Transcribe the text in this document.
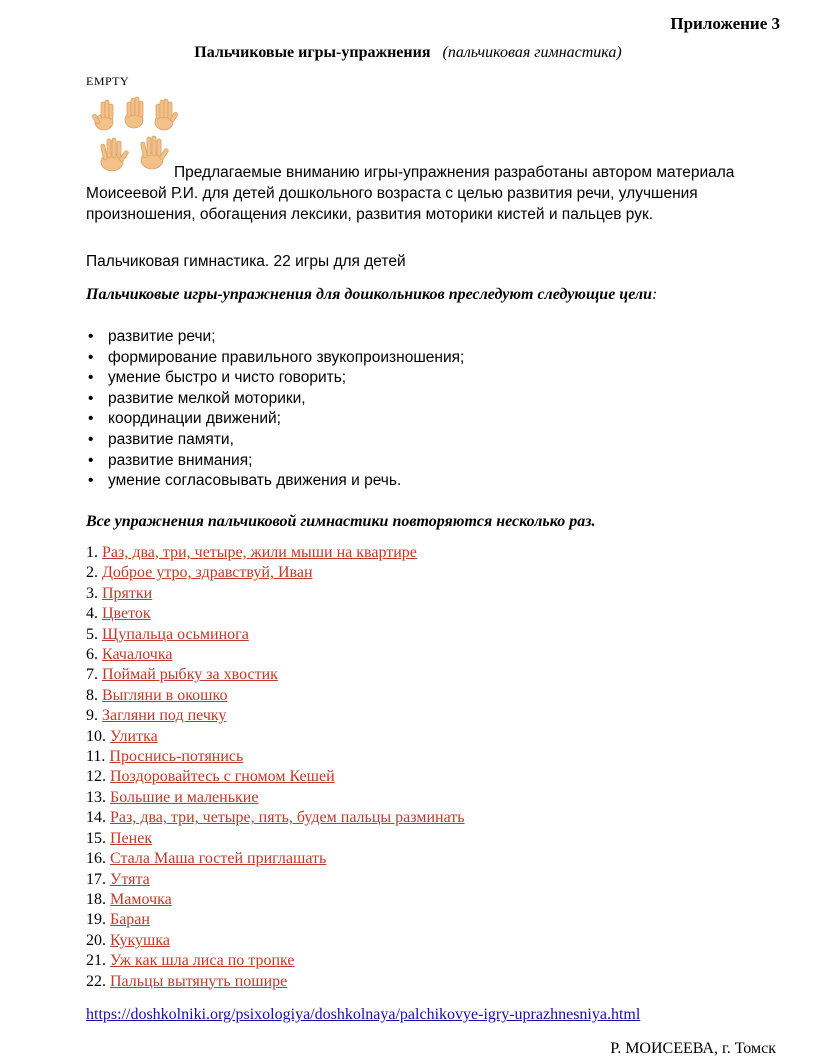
Приложение 3
Пальчиковые игры-упражнения (пальчиковая гимнастика)
EMPTY
Предлагаемые вниманию игры-упражнения разработаны автором материала
Моисеевой Р.И. для детей дошкольного возраста с целью развития речи, улучшения произношения, обогащения лексики, развития моторики кистей и пальцев рук.
Пальчиковая гимнастика. 22 игры для детей
Пальчиковые игры-упражнения для дошкольников преследуют следующие цели:
• развитие речи;
• формирование правильного звукопроизношения;
• умение быстро и чисто говорить;
• развитие мелкой моторики,
• координации движений;
• развитие памяти,
• развитие внимания;
• умение согласовывать движения и речь.
Все упражнения пальчиковой гимнастики повторяются несколько раз.
1. Раз, два, три, четыре, жили мыши на квартире
2. Доброе утро, здравствуй, Иван
3. Прятки
4. Цветок
5. Щупальца осьминога
6. Качалочка
7. Поймай рыбку за хвостик
8. Выгляни в окошко
9. Загляни под печку
10. Улитка
11. Проснись-потянись
12. Поздоровайтесь с гномом Кешей
13. Большие и маленькие
14. Раз, два, три, четыре, пять, будем пальцы разминать
15. Пенек
16. Стала Маша гостей приглашать
17. Утята
18. Мамочка
19. Баран
20. Кукушка
21. Уж как шла лиса по тропке
22. Пальцы вытянуть пошире
https://doshkolniki.org/psixologiya/doshkolnaya/palchikovye-igry-uprazhnesniya.html
Р. МОИСЕЕВА, г. Томск
